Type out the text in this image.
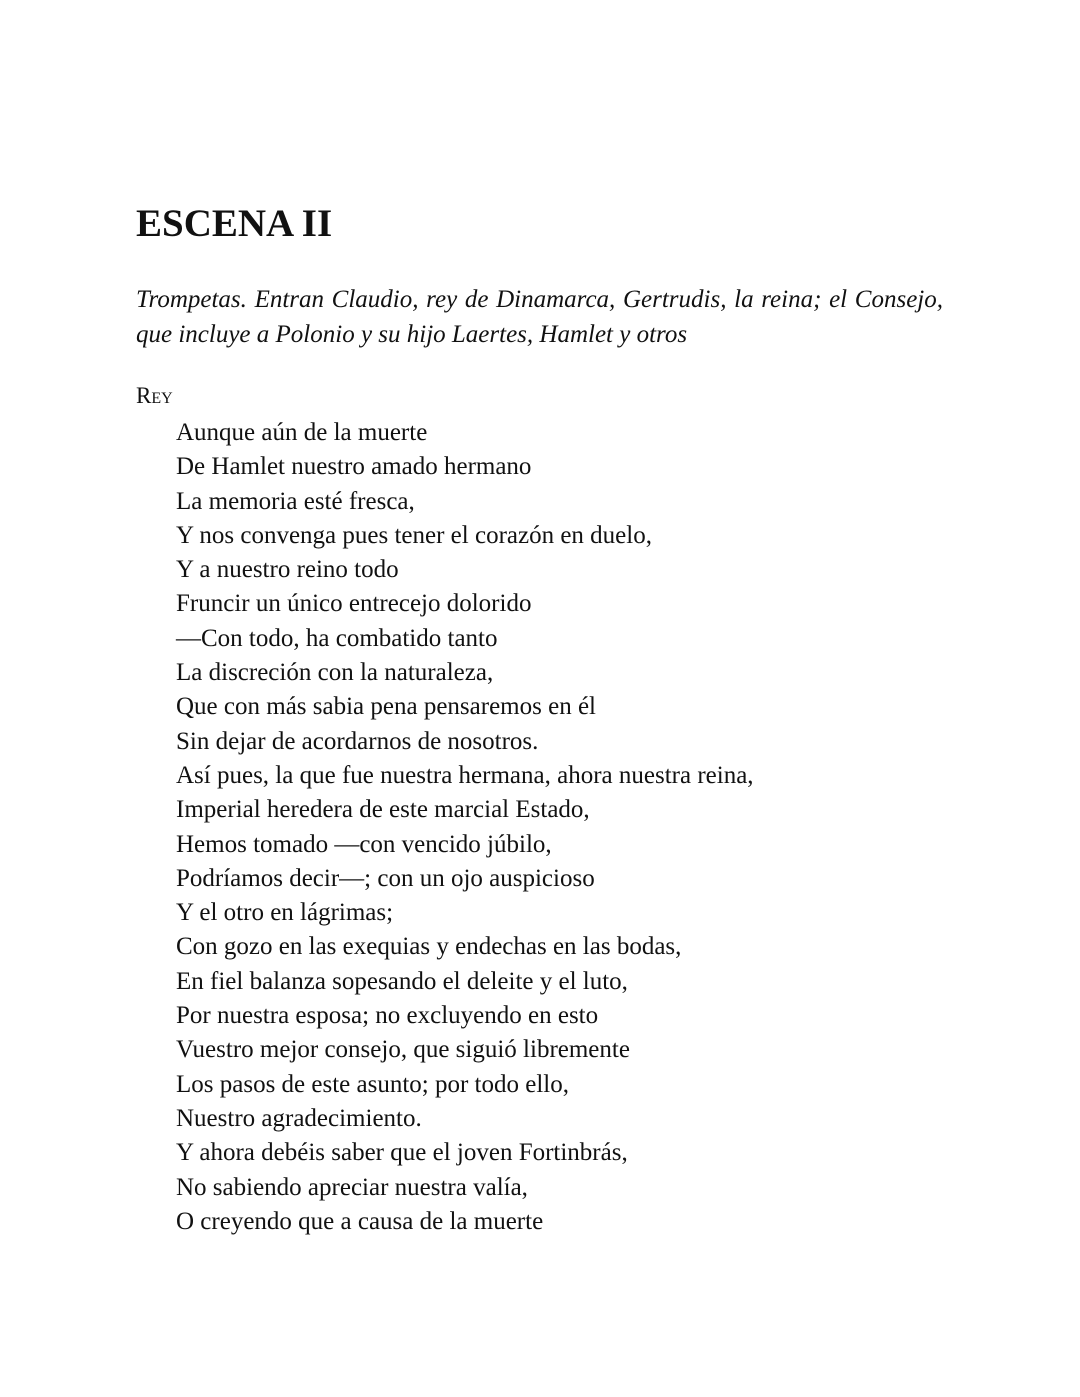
ESCENA II

Trompetas. Entran Claudio, rey de Dinamarca, Gertrudis, la reina; el Consejo, que incluye a Polonio y su hijo Laertes, Hamlet y otros

Rey

Aunque aún de la muerte
De Hamlet nuestro amado hermano
La memoria esté fresca,
Y nos convenga pues tener el corazón en duelo,
Y a nuestro reino todo
Fruncir un único entrecejo dolorido
—Con todo, ha combatido tanto
La discreción con la naturaleza,
Que con más sabia pena pensaremos en él
Sin dejar de acordarnos de nosotros.
Así pues, la que fue nuestra hermana, ahora nuestra reina,
Imperial heredera de este marcial Estado,
Hemos tomado —con vencido júbilo,
Podríamos decir—; con un ojo auspicioso
Y el otro en lágrimas;
Con gozo en las exequias y endechas en las bodas,
En fiel balanza sopesando el deleite y el luto,
Por nuestra esposa; no excluyendo en esto
Vuestro mejor consejo, que siguió libremente
Los pasos de este asunto; por todo ello,
Nuestro agradecimiento.
Y ahora debéis saber que el joven Fortinbrás,
No sabiendo apreciar nuestra valía,
O creyendo que a causa de la muerte
